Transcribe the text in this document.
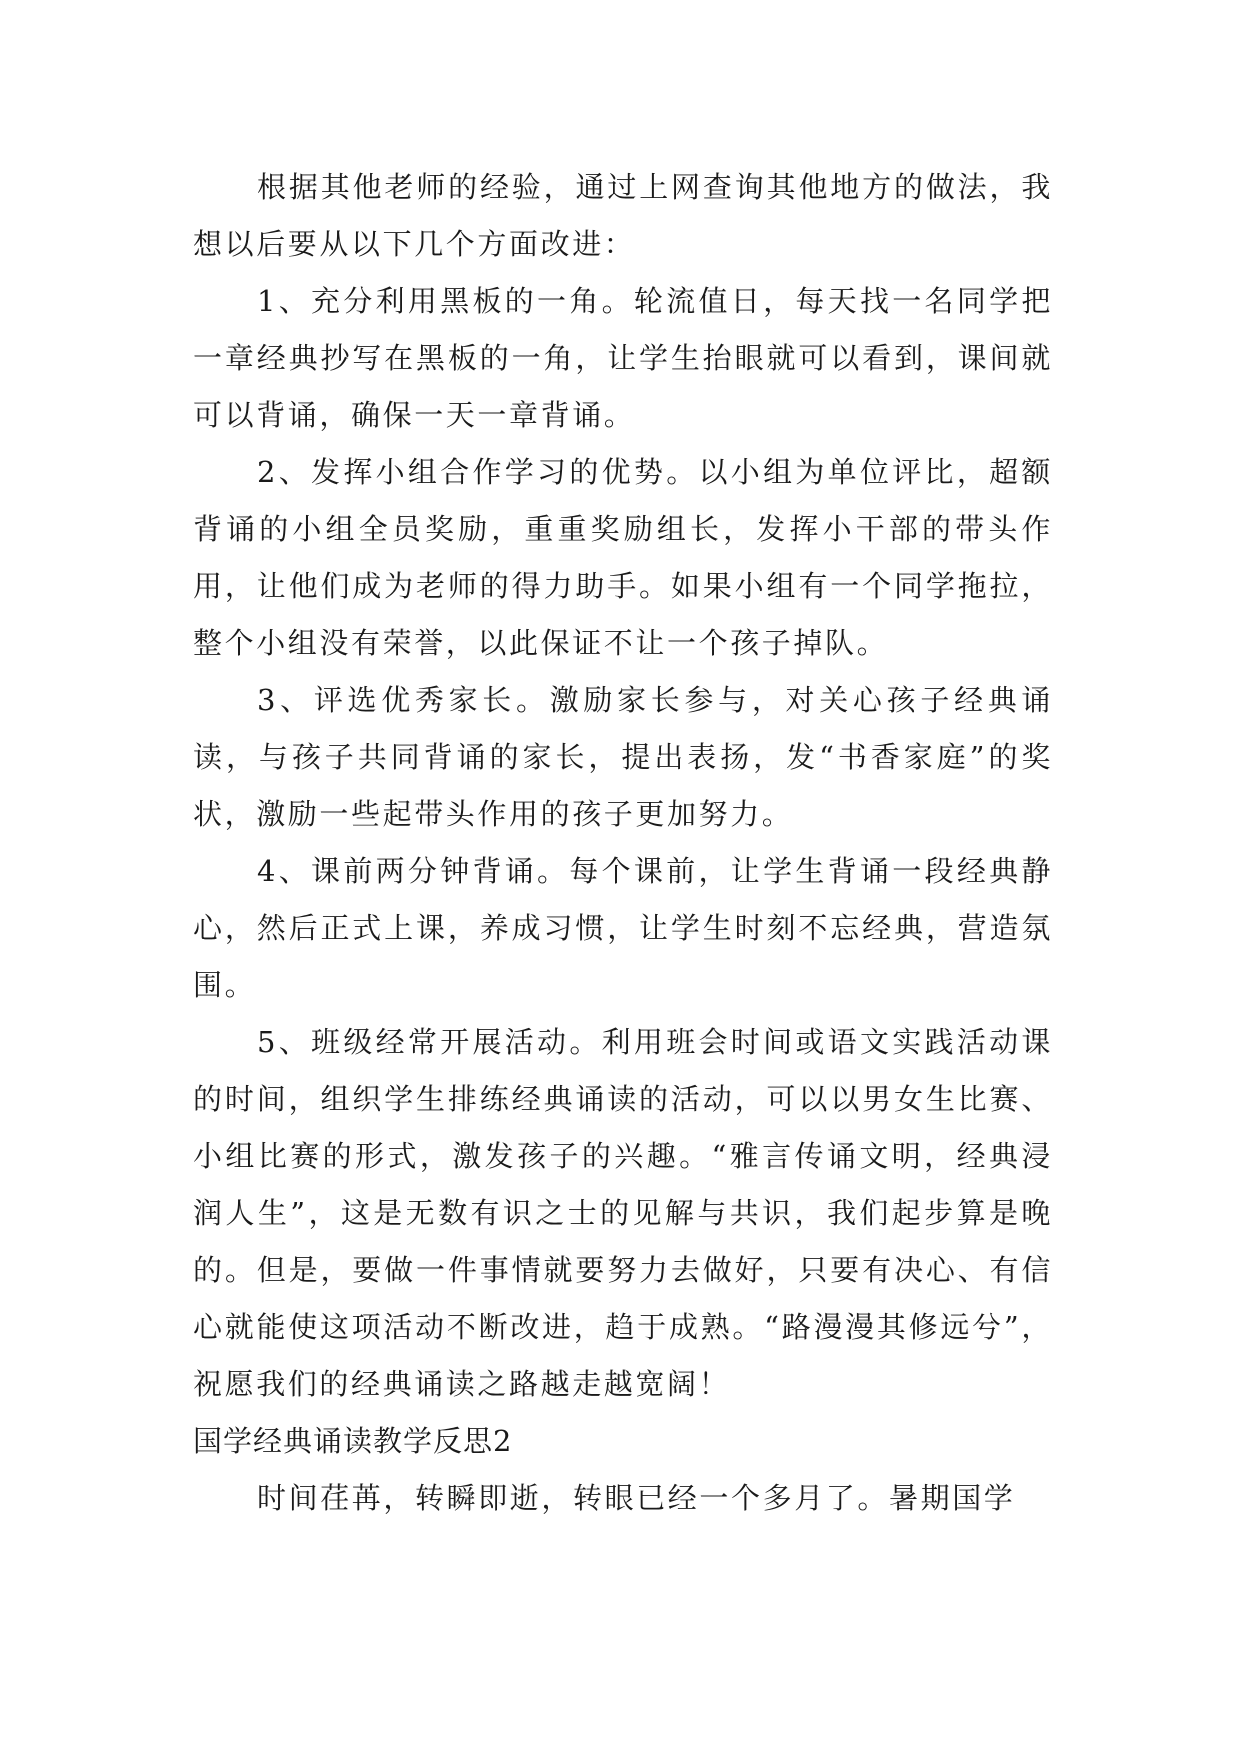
根据其他老师的经验，通过上网查询其他地方的做法，我想以后要从以下几个方面改进：

1、充分利用黑板的一角。轮流值日，每天找一名同学把一章经典抄写在黑板的一角，让学生抬眼就可以看到，课间就可以背诵，确保一天一章背诵。

2、发挥小组合作学习的优势。以小组为单位评比，超额背诵的小组全员奖励，重重奖励组长，发挥小干部的带头作用，让他们成为老师的得力助手。如果小组有一个同学拖拉，整个小组没有荣誉，以此保证不让一个孩子掉队。

3、评选优秀家长。激励家长参与，对关心孩子经典诵读，与孩子共同背诵的家长，提出表扬，发“书香家庭”的奖状，激励一些起带头作用的孩子更加努力。

4、课前两分钟背诵。每个课前，让学生背诵一段经典静心，然后正式上课，养成习惯，让学生时刻不忘经典，营造氛围。

5、班级经常开展活动。利用班会时间或语文实践活动课的时间，组织学生排练经典诵读的活动，可以以男女生比赛、小组比赛的形式，激发孩子的兴趣。“雅言传诵文明，经典浸润人生”，这是无数有识之士的见解与共识，我们起步算是晚的。但是，要做一件事情就要努力去做好，只要有决心、有信心就能使这项活动不断改进，趋于成熟。“路漫漫其修远兮”，祝愿我们的经典诵读之路越走越宽阔！

国学经典诵读教学反思2

时间荏苒，转瞬即逝，转眼已经一个多月了。暑期国学
